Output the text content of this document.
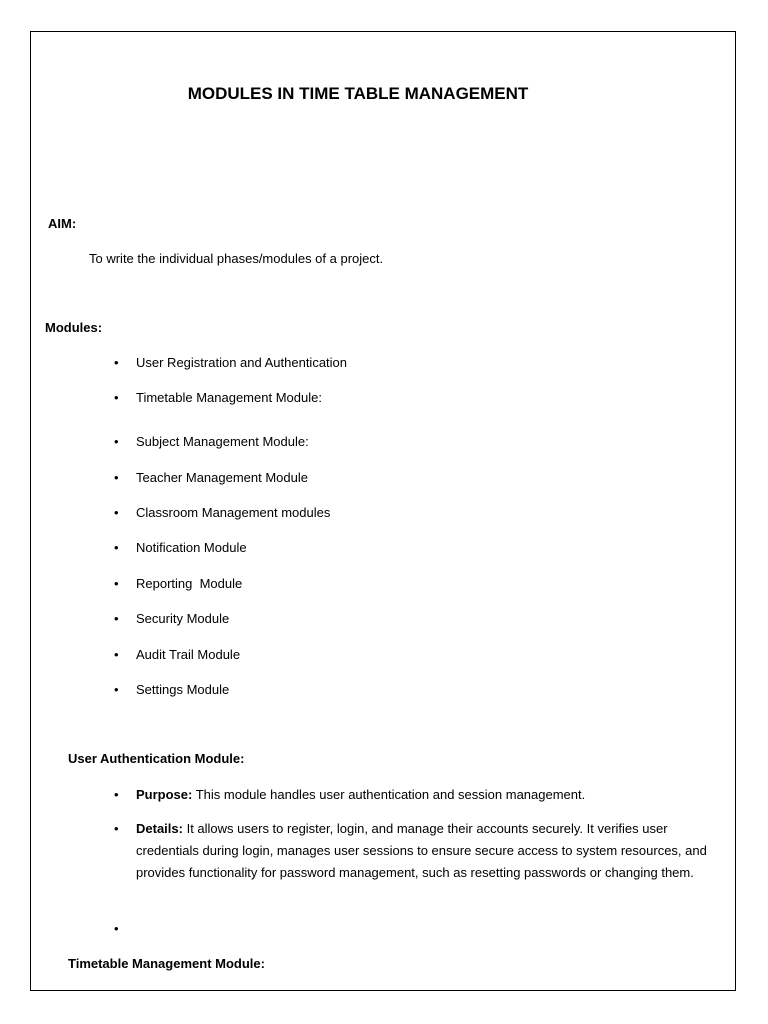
MODULES IN TIME TABLE MANAGEMENT
AIM:
To write the individual phases/modules of a project.
Modules:
• User Registration and Authentication
• Timetable Management Module:
• Subject Management Module:
• Teacher Management Module
• Classroom Management modules
• Notification Module
• Reporting  Module
• Security Module
• Audit Trail Module
• Settings Module
User Authentication Module:
• Purpose: This module handles user authentication and session management.
• Details: It allows users to register, login, and manage their accounts securely. It verifies user credentials during login, manages user sessions to ensure secure access to system resources, and provides functionality for password management, such as resetting passwords or changing them.
•
Timetable Management Module:
